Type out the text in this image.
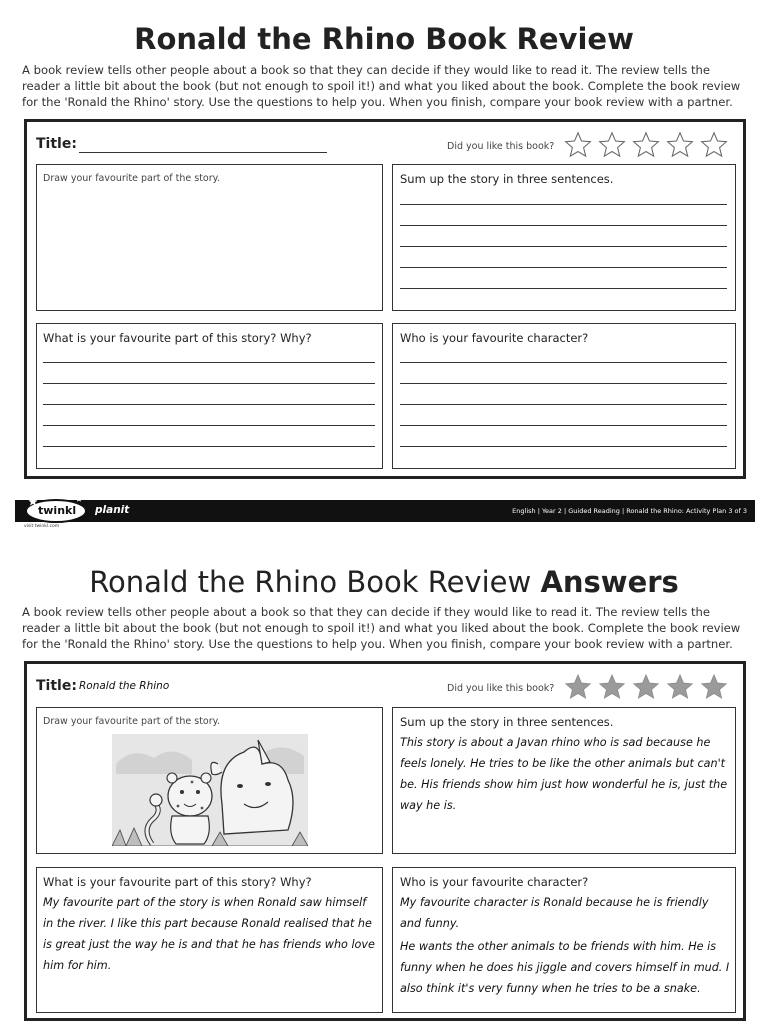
Ronald the Rhino Book Review
A book review tells other people about a book so that they can decide if they would like to read it. The review tells the reader a little bit about the book (but not enough to spoil it!) and what you liked about the book. Complete the book review for the 'Ronald the Rhino' story. Use the questions to help you. When you finish, compare your book review with a partner.
Title:	Did you like this book?
Draw your favourite part of the story.	Sum up the story in three sentences.
What is your favourite part of this story? Why?	Who is your favourite character?
twinkl planit	English | Year 2 | Guided Reading | Ronald the Rhino: Activity Plan 3 of 3
visit twinkl.com
Ronald the Rhino Book Review Answers
A book review tells other people about a book so that they can decide if they would like to read it. The review tells the reader a little bit about the book (but not enough to spoil it!) and what you liked about the book. Complete the book review for the 'Ronald the Rhino' story. Use the questions to help you. When you finish, compare your book review with a partner.
Title: Ronald the Rhino	Did you like this book?
Draw your favourite part of the story.	Sum up the story in three sentences.
This story is about a Javan rhino who is sad because he feels lonely. He tries to be like the other animals but can't be. His friends show him just how wonderful he is, just the way he is.
What is your favourite part of this story? Why?
My favourite part of the story is when Ronald saw himself in the river. I like this part because Ronald realised that he is great just the way he is and that he has friends who love him for him.
Who is your favourite character?
My favourite character is Ronald because he is friendly and funny.
He wants the other animals to be friends with him. He is funny when he does his jiggle and covers himself in mud. I also think it's very funny when he tries to be a snake.
